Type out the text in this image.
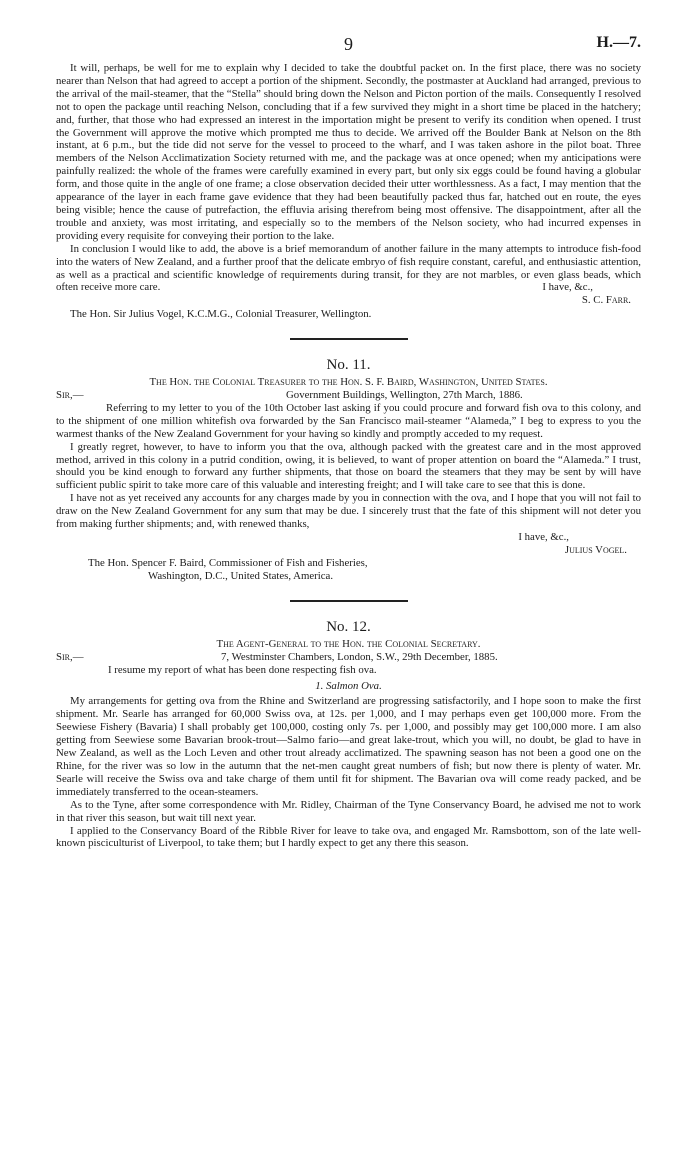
9	H.—7.

It will, perhaps, be well for me to explain why I decided to take the doubtful packet on. In the first place, there was no society nearer than Nelson that had agreed to accept a portion of the shipment. Secondly, the postmaster at Auckland had arranged, previous to the arrival of the mail-steamer, that the “Stella” should bring down the Nelson and Picton portion of the mails. Consequently I resolved not to open the package until reaching Nelson, concluding that if a few survived they might in a short time be placed in the hatchery; and, further, that those who had expressed an interest in the importation might be present to verify its condition when opened. I trust the Government will approve the motive which prompted me thus to decide. We arrived off the Boulder Bank at Nelson on the 8th instant, at 6 p.m., but the tide did not serve for the vessel to proceed to the wharf, and I was taken ashore in the pilot boat. Three members of the Nelson Acclimatization Society returned with me, and the package was at once opened; when my anticipations were painfully realized: the whole of the frames were carefully examined in every part, but only six eggs could be found having a globular form, and those quite in the angle of one frame; a close observation decided their utter worthlessness. As a fact, I may mention that the appearance of the layer in each frame gave evidence that they had been beautifully packed thus far, hatched out en route, the eyes being visible; hence the cause of putrefaction, the effluvia arising therefrom being most offensive. The disappointment, after all the trouble and anxiety, was most irritating, and especially so to the members of the Nelson society, who had incurred expenses in providing every requisite for conveying their portion to the lake.

In conclusion I would like to add, the above is a brief memorandum of another failure in the many attempts to introduce fish-food into the waters of New Zealand, and a further proof that the delicate embryo of fish require constant, careful, and enthusiastic attention, as well as a practical and scientific knowledge of requirements during transit, for they are not marbles, or even glass beads, which often receive more care.	I have, &c.,
S. C. Farr.
The Hon. Sir Julius Vogel, K.C.M.G., Colonial Treasurer, Wellington.
No. 11.
The Hon. the Colonial Treasurer to the Hon. S. F. Baird, Washington, United States.
Sir,—	Government Buildings, Wellington, 27th March, 1886.

Referring to my letter to you of the 10th October last asking if you could procure and forward fish ova to this colony, and to the shipment of one million whitefish ova forwarded by the San Francisco mail-steamer “Alameda,” I beg to express to you the warmest thanks of the New Zealand Government for your having so kindly and promptly acceded to my request.

I greatly regret, however, to have to inform you that the ova, although packed with the greatest care and in the most approved method, arrived in this colony in a putrid condition, owing, it is believed, to want of proper attention on board the “Alameda.” I trust, should you be kind enough to forward any further shipments, that those on board the steamers that they may be sent by will have sufficient public spirit to take more care of this valuable and interesting freight; and I will take care to see that this is done.

I have not as yet received any accounts for any charges made by you in connection with the ova, and I hope that you will not fail to draw on the New Zealand Government for any sum that may be due. I sincerely trust that the fate of this shipment will not deter you from making further shipments; and, with renewed thanks,

I have, &c.,
Julius Vogel.
The Hon. Spencer F. Baird, Commissioner of Fish and Fisheries,
Washington, D.C., United States, America.
No. 12.
The Agent-General to the Hon. the Colonial Secretary.
Sir,—	7, Westminster Chambers, London, S.W., 29th December, 1885.

I resume my report of what has been done respecting fish ova.

1. Salmon Ova.

My arrangements for getting ova from the Rhine and Switzerland are progressing satisfactorily, and I hope soon to make the first shipment. Mr. Searle has arranged for 60,000 Swiss ova, at 12s. per 1,000, and I may perhaps even get 100,000 more. From the Seewiese Fishery (Bavaria) I shall probably get 100,000, costing only 7s. per 1,000, and possibly may get 100,000 more. I am also getting from Seewiese some Bavarian brook-trout—Salmo fario—and great lake-trout, which you will, no doubt, be glad to have in New Zealand, as well as the Loch Leven and other trout already acclimatized. The spawning season has not been a good one on the Rhine, for the river was so low in the autumn that the net-men caught great numbers of fish; but now there is plenty of water. Mr. Searle will receive the Swiss ova and take charge of them until fit for shipment. The Bavarian ova will come ready packed, and be immediately transferred to the ocean-steamers.

As to the Tyne, after some correspondence with Mr. Ridley, Chairman of the Tyne Conservancy Board, he advised me not to work in that river this season, but wait till next year.

I applied to the Conservancy Board of the Ribble River for leave to take ova, and engaged Mr. Ramsbottom, son of the late well-known pisciculturist of Liverpool, to take them; but I hardly expect to get any there this season.
